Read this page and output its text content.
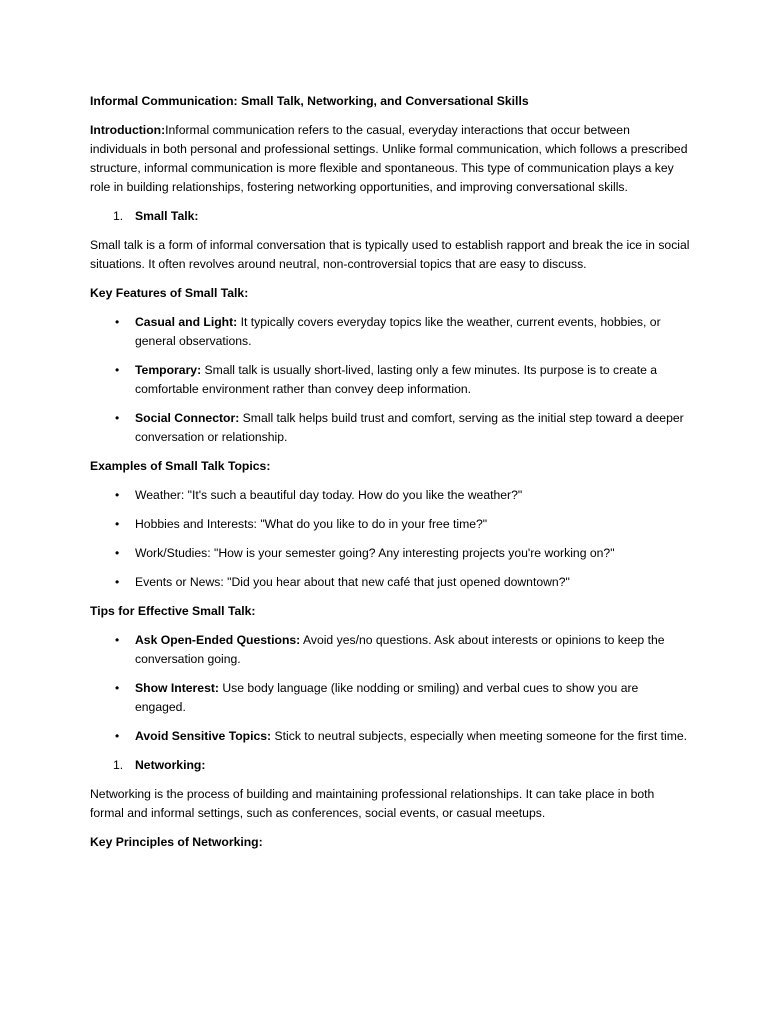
Informal Communication: Small Talk, Networking, and Conversational Skills
Introduction:Informal communication refers to the casual, everyday interactions that occur between individuals in both personal and professional settings. Unlike formal communication, which follows a prescribed structure, informal communication is more flexible and spontaneous. This type of communication plays a key role in building relationships, fostering networking opportunities, and improving conversational skills.
1. Small Talk:
Small talk is a form of informal conversation that is typically used to establish rapport and break the ice in social situations. It often revolves around neutral, non-controversial topics that are easy to discuss.
Key Features of Small Talk:
• Casual and Light: It typically covers everyday topics like the weather, current events, hobbies, or general observations.
• Temporary: Small talk is usually short-lived, lasting only a few minutes. Its purpose is to create a comfortable environment rather than convey deep information.
• Social Connector: Small talk helps build trust and comfort, serving as the initial step toward a deeper conversation or relationship.
Examples of Small Talk Topics:
• Weather: "It's such a beautiful day today. How do you like the weather?"
• Hobbies and Interests: "What do you like to do in your free time?"
• Work/Studies: "How is your semester going? Any interesting projects you're working on?"
• Events or News: "Did you hear about that new café that just opened downtown?"
Tips for Effective Small Talk:
• Ask Open-Ended Questions: Avoid yes/no questions. Ask about interests or opinions to keep the conversation going.
• Show Interest: Use body language (like nodding or smiling) and verbal cues to show you are engaged.
• Avoid Sensitive Topics: Stick to neutral subjects, especially when meeting someone for the first time.
1. Networking:
Networking is the process of building and maintaining professional relationships. It can take place in both formal and informal settings, such as conferences, social events, or casual meetups.
Key Principles of Networking:
